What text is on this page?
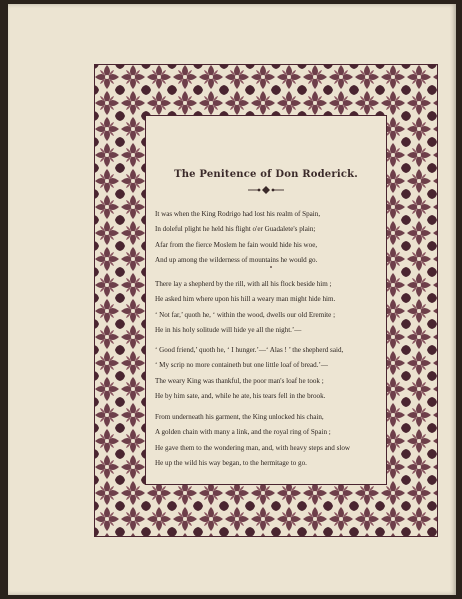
The Penitence of Don Roderick.
It was when the King Rodrigo had lost his realm of Spain,
In doleful plight he held his flight o'er Guadalete's plain;
Afar from the fierce Moslem he fain would hide his woe,
And up among the wilderness of mountains he would go.
There lay a shepherd by the rill, with all his flock beside him ;
He asked him where upon his hill a weary man might hide him.
‘ Not far,’ quoth he, ‘ within the wood, dwells our old Eremite ;
He in his holy solitude will hide ye all the night.’—
‘ Good friend,’ quoth he, ‘ I hunger.’—‘ Alas ! ’ the shepherd said,
‘ My scrip no more containeth but one little loaf of bread.’—
The weary King was thankful, the poor man's loaf he took ;
He by him sate, and, while he ate, his tears fell in the brook.
From underneath his garment, the King unlocked his chain,
A golden chain with many a link, and the royal ring of Spain ;
He gave them to the wondering man, and, with heavy steps and slow
He up the wild his way began, to the hermitage to go.
